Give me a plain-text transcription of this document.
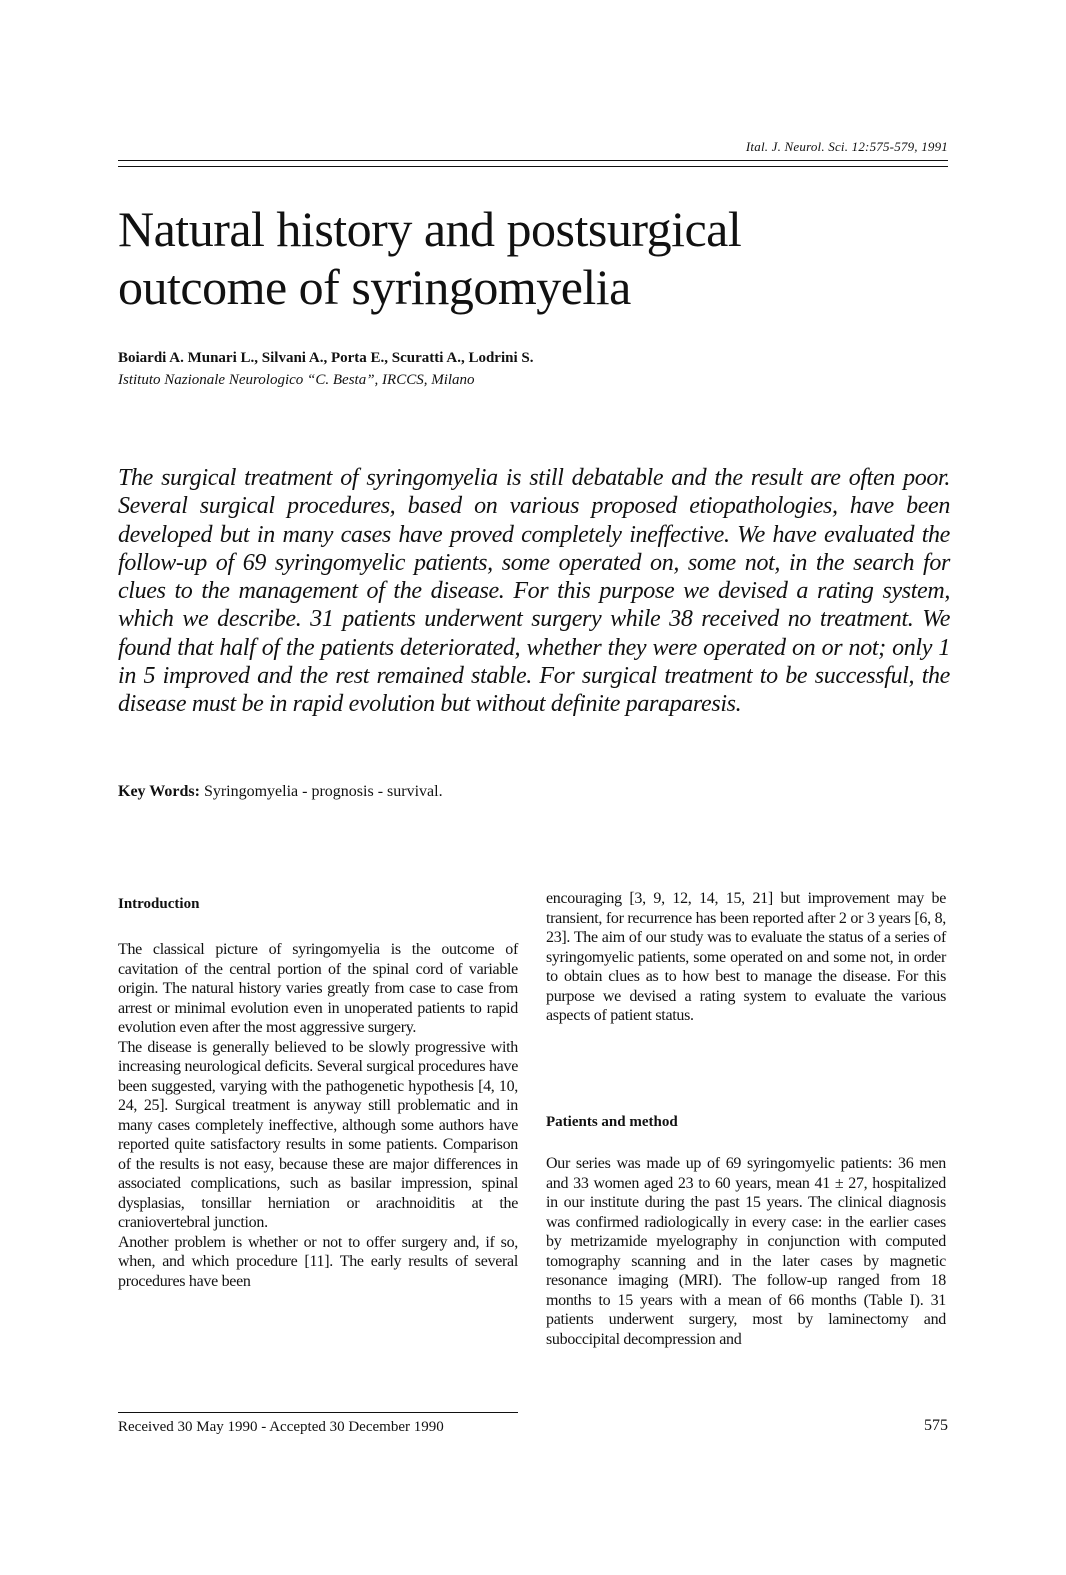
Ital. J. Neurol. Sci. 12:575-579, 1991
Natural history and postsurgical
outcome of syringomyelia
Boiardi A. Munari L., Silvani A., Porta E., Scuratti A., Lodrini S.
Istituto Nazionale Neurologico “C. Besta”, IRCCS, Milano

The surgical treatment of syringomyelia is still debatable and the result are often poor. Several surgical procedures, based on various proposed etiopathologies, have been developed but in many cases have proved completely ineffective. We have evaluated the follow-up of 69 syringomyelic patients, some operated on, some not, in the search for clues to the management of the disease. For this purpose we devised a rating system, which we describe. 31 patients underwent surgery while 38 received no treatment. We found that half of the patients deteriorated, whether they were operated on or not; only 1 in 5 improved and the rest remained stable. For surgical treatment to be successful, the disease must be in rapid evolution but without definite paraparesis.

Key Words: Syringomyelia - prognosis - survival.
Introduction

The classical picture of syringomyelia is the outcome of cavitation of the central portion of the spinal cord of variable origin. The natural history varies greatly from case to case from arrest or minimal evolution even in unoperated patients to rapid evolution even after the most aggressive surgery.

The disease is generally believed to be slowly progressive with increasing neurological deficits. Several surgical procedures have been suggested, varying with the pathogenetic hypothesis [4, 10, 24, 25]. Surgical treatment is anyway still problematic and in many cases completely ineffective, although some authors have reported quite satisfactory results in some patients. Comparison of the results is not easy, because these are major differences in associated complications, such as basilar impression, spinal dysplasias, tonsillar herniation or arachnoiditis at the craniovertebral junction.

Another problem is whether or not to offer surgery and, if so, when, and which procedure [11]. The early results of several procedures have been

encouraging [3, 9, 12, 14, 15, 21] but improvement may be transient, for recurrence has been reported after 2 or 3 years [6, 8, 23]. The aim of our study was to evaluate the status of a series of syringomyelic patients, some operated on and some not, in order to obtain clues as to how best to manage the disease. For this purpose we devised a rating system to evaluate the various aspects of patient status.

Patients and method

Our series was made up of 69 syringomyelic patients: 36 men and 33 women aged 23 to 60 years, mean 41 ± 27, hospitalized in our institute during the past 15 years. The clinical diagnosis was confirmed radiologically in every case: in the earlier cases by metrizamide myelography in conjunction with computed tomography scanning and in the later cases by magnetic resonance imaging (MRI). The follow-up ranged from 18 months to 15 years with a mean of 66 months (Table I). 31 patients underwent surgery, most by laminectomy and suboccipital decompression and

Received 30 May 1990 - Accepted 30 December 1990	575
